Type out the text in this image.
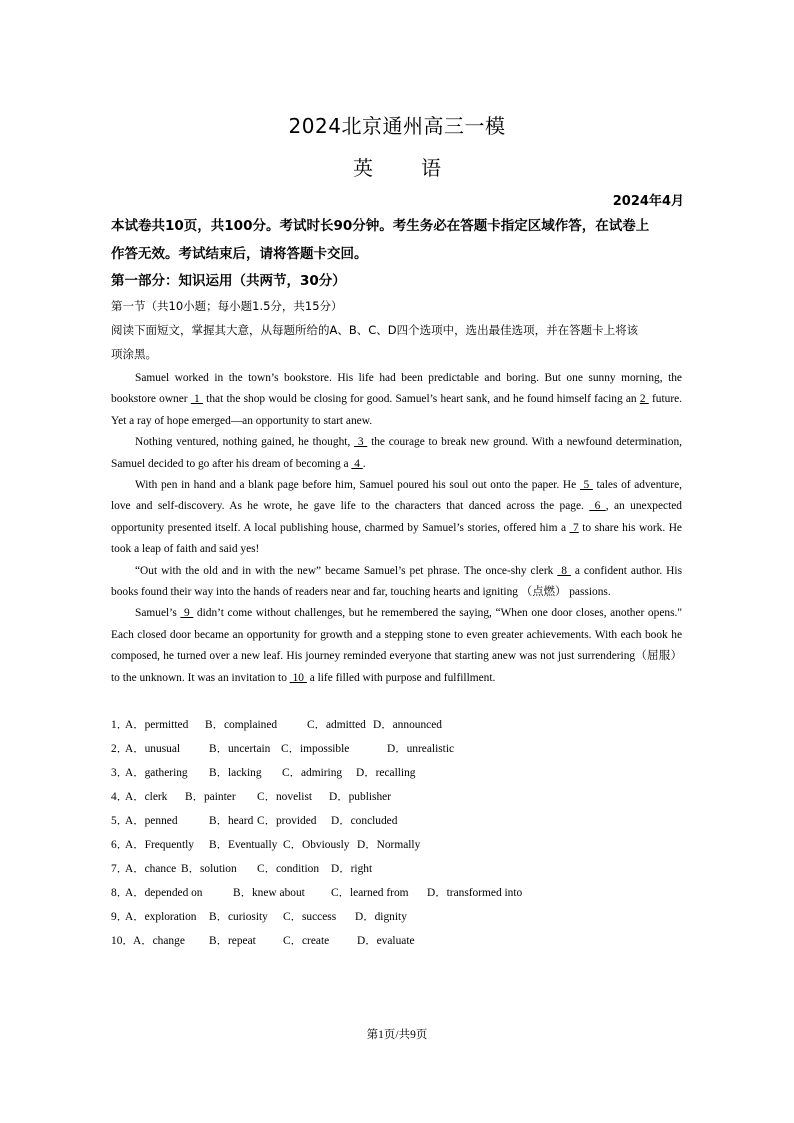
2024北京通州高三一模
英 语
2024年4月
本试卷共10页，共100分。考试时长90分钟。考生务必在答题卡指定区域作答，在试卷上
作答无效。考试结束后，请将答题卡交回。
第一部分：知识运用（共两节，30分）
第一节（共10小题；每小题1.5分，共15分）
阅读下面短文，掌握其大意，从每题所给的A、B、C、D四个选项中，选出最佳选项，并在答题卡上将该
项涂黑。

Samuel worked in the town’s bookstore. His life had been predictable and boring. But one sunny morning, the bookstore owner  1  that the shop would be closing for good. Samuel’s heart sank, and he found himself facing an 2  future. Yet a ray of hope emerged—an opportunity to start anew.

Nothing ventured, nothing gained, he thought,  3  the courage to break new ground. With a newfound determination, Samuel decided to go after his dream of becoming a  4 .

With pen in hand and a blank page before him, Samuel poured his soul out onto the paper. He  5  tales of adventure, love and self-discovery. As he wrote, he gave life to the characters that danced across the page.  6 , an unexpected opportunity presented itself. A local publishing house, charmed by Samuel’s stories, offered him a  7 to share his work. He took a leap of faith and said yes!

“Out with the old and in with the new” became Samuel’s pet phrase. The once-shy clerk  8  a confident author. His books found their way into the hands of readers near and far, touching hearts and igniting （点燃） passions.

Samuel’s  9  didn’t come without challenges, but he remembered the saying, “When one door closes, another opens." Each closed door became an opportunity for growth and a stepping stone to even greater achievements. With each book he composed, he turned over a new leaf. His journey reminded everyone that starting anew was not just surrendering（屈服）to the unknown. It was an invitation to  10  a life filled with purpose and fulfillment.

1．
A．permitted B．complained	C．admitted D．announced
2．
A．unusual	B．uncertain C．impossible	D．unrealistic
3．
A．gathering B．lacking C．admiring D．recalling
4．
A．clerk B．painter C．novelist D．publisher
5．
A．penned	B．heard C．provided D．concluded
6．
A．Frequently B．Eventually C．Obviously D．Normally
7．
A．chance B．solution C．condition D．right
8．
A．depended on	B．knew about C．learned from D．transformed into
9．
A．exploration B．curiosity C．success D．dignity
10． A．change B．repeat C．create D．evaluate
第1页/共9页
